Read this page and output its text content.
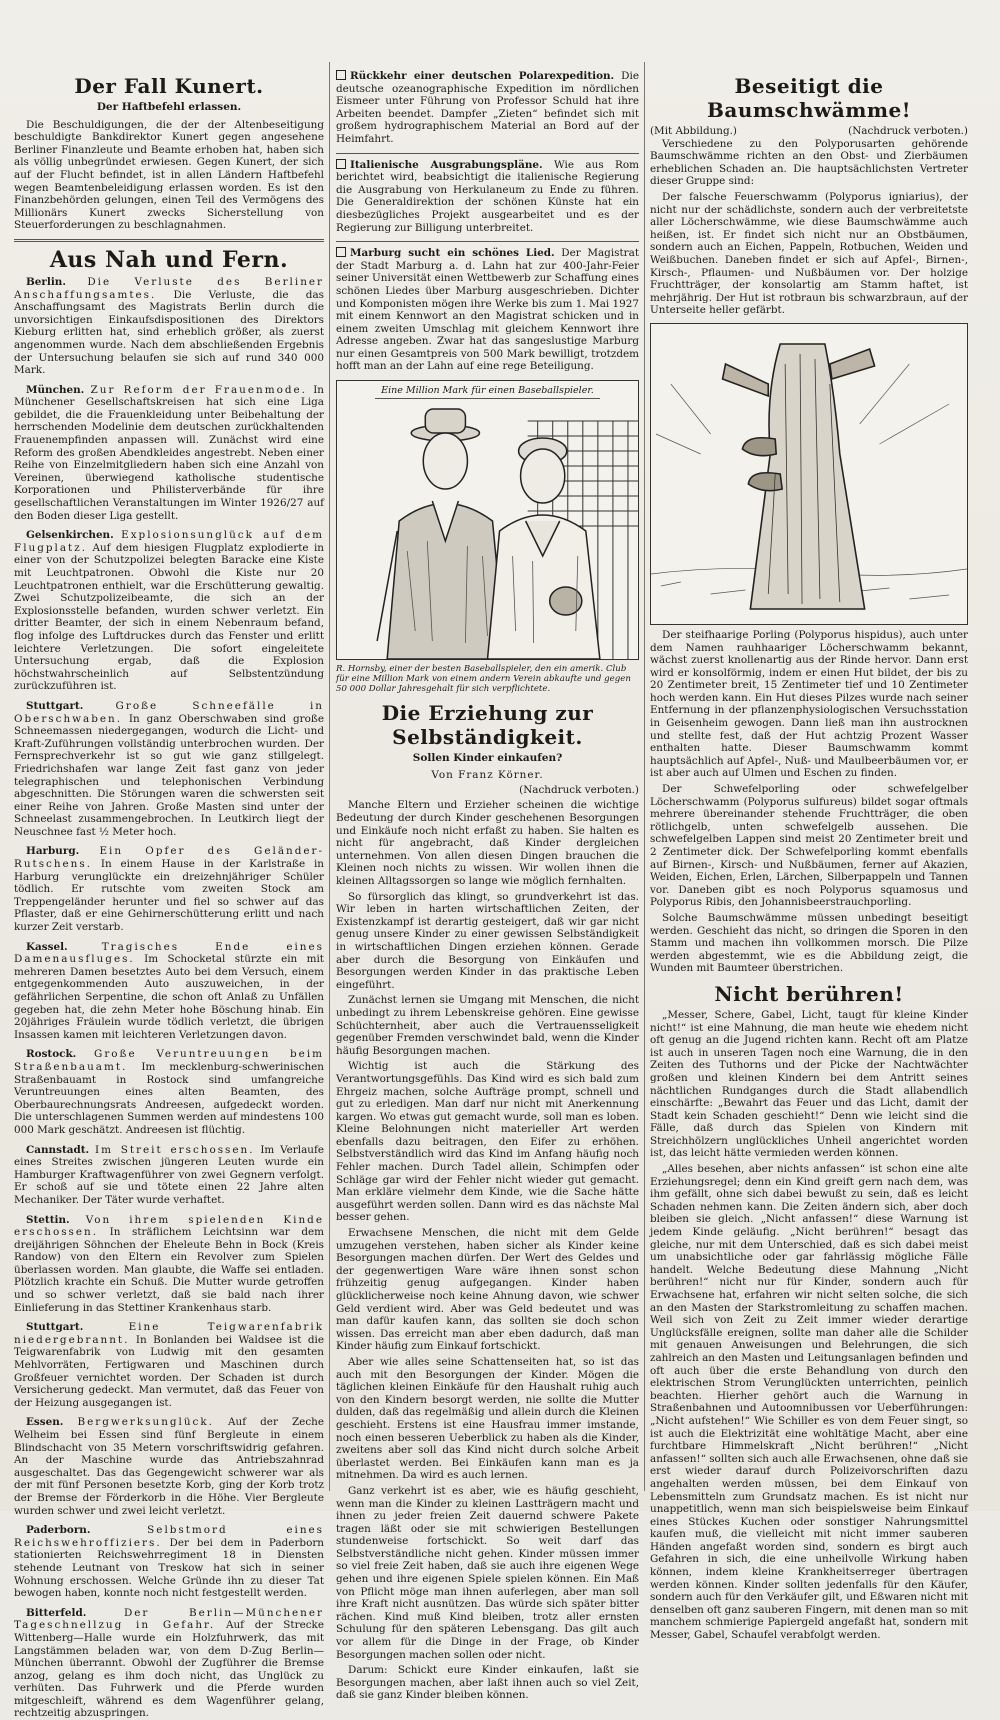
Der Fall Kunert.
Der Haftbefehl erlassen.

Die Beschuldigungen, die der der Altenbeseitigung beschuldigte Bankdirektor Kunert gegen angesehene Berliner Finanzleute und Beamte erhoben hat, haben sich als völlig unbegründet erwiesen. Gegen Kunert, der sich auf der Flucht befindet, ist in allen Ländern Haftbefehl wegen Beamtenbeleidigung erlassen worden. Es ist den Finanzbehörden gelungen, einen Teil des Vermögens des Millionärs Kunert zwecks Sicherstellung von Steuerforderungen zu beschlagnahmen.

Aus Nah und Fern.

Berlin. Die Verluste des Berliner Anschaffungsamtes. Die Verluste, die das Anschaffungsamt des Magistrats Berlin durch die unvorsichtigen Einkaufsdispositionen des Direktors Kieburg erlitten hat, sind erheblich größer, als zuerst angenommen wurde. Nach dem abschließenden Ergebnis der Untersuchung belaufen sie sich auf rund 340 000 Mark.

München. Zur Reform der Frauenmode. In Münchener Gesellschaftskreisen hat sich eine Liga gebildet, die die Frauenkleidung unter Beibehaltung der herrschenden Modelinie dem deutschen zurückhaltenden Frauenempfinden anpassen will. Zunächst wird eine Reform des großen Abendkleides angestrebt. Neben einer Reihe von Einzelmitgliedern haben sich eine Anzahl von Vereinen, überwiegend katholische studentische Korporationen und Philisterverbände für ihre gesellschaftlichen Veranstaltungen im Winter 1926/27 auf den Boden dieser Liga gestellt.

Gelsenkirchen. Explosionsunglück auf dem Flugplatz. Auf dem hiesigen Flugplatz explodierte in einer von der Schutzpolizei belegten Baracke eine Kiste mit Leuchtpatronen. Obwohl die Kiste nur 20 Leuchtpatronen enthielt, war die Erschütterung gewaltig. Zwei Schutzpolizeibeamte, die sich an der Explosionsstelle befanden, wurden schwer verletzt. Ein dritter Beamter, der sich in einem Nebenraum befand, flog infolge des Luftdruckes durch das Fenster und erlitt leichtere Verletzungen. Die sofort eingeleitete Untersuchung ergab, daß die Explosion höchstwahrscheinlich auf Selbstentzündung zurückzuführen ist.

Stuttgart.	Große Schneefälle in Oberschwaben. In ganz Oberschwaben sind große Schneemassen niedergegangen, wodurch die Licht- und Kraft-Zuführungen vollständig unterbrochen wurden. Der Fernsprechverkehr ist so gut wie ganz stillgelegt. Friedrichshafen war lange Zeit fast ganz von jeder telegraphischen und telephonischen Verbindung abgeschnitten. Die Störungen waren die schwersten seit einer Reihe von Jahren. Große Masten sind unter der Schneelast zusammengebrochen. In Leutkirch liegt der Neuschnee fast ½ Meter hoch.

Harburg. Ein Opfer des Geländer-Rutschens. In einem Hause in der Karlstraße in Harburg verunglückte ein dreizehnjähriger Schüler tödlich. Er rutschte vom zweiten Stock am Treppengeländer herunter und fiel so schwer auf das Pflaster, daß er eine Gehirnerschütterung erlitt und nach kurzer Zeit verstarb.

Kassel.	Tragisches Ende eines Damenausfluges. Im Schocketal stürzte ein mit mehreren Damen besetztes Auto bei dem Versuch, einem entgegenkommenden Auto auszuweichen, in der gefährlichen Serpentine, die schon oft Anlaß zu Unfällen gegeben hat, die zehn Meter hohe Böschung hinab. Ein 20jähriges Fräulein wurde tödlich verletzt, die übrigen Insassen kamen mit leichteren Verletzungen davon.

Rostock. Große Veruntreuungen beim Straßenbauamt. Im mecklenburg-schwerinischen Straßenbauamt in Rostock sind umfangreiche Veruntreuungen eines alten Beamten, des Oberbaurechnungsrats Andreesen, aufgedeckt worden. Die unterschlagenen Summen werden auf mindestens 100 000 Mark geschätzt. Andreesen ist flüchtig.

Cannstadt. Im Streit erschossen. Im Verlaufe eines Streites zwischen jüngeren Leuten wurde ein Hamburger Kraftwagenführer von zwei Gegnern verfolgt. Er schoß auf sie und tötete einen 22 Jahre alten Mechaniker. Der Täter wurde verhaftet.

Stettin. Von ihrem spielenden Kinde erschossen. In sträflichem Leichtsinn war dem dreijährigen Söhnchen der Eheleute Behn in Bock (Kreis Randow) von den Eltern ein Revolver zum Spielen überlassen worden. Man glaubte, die Waffe sei entladen. Plötzlich krachte ein Schuß. Die Mutter wurde getroffen und so schwer verletzt, daß sie bald nach ihrer Einlieferung in das Stettiner Krankenhaus starb.

Stuttgart.	Eine Teigwarenfabrik niedergebrannt. In Bonlanden bei Waldsee ist die Teigwarenfabrik von Ludwig mit den gesamten Mehlvorräten, Fertigwaren und Maschinen durch Großfeuer vernichtet worden. Der Schaden ist durch Versicherung gedeckt. Man vermutet, daß das Feuer von der Heizung ausgegangen ist.

Essen. Bergwerksunglück. Auf der Zeche Welheim bei Essen sind fünf Bergleute in einem Blindschacht von 35 Metern vorschriftswidrig gefahren. An der Maschine wurde das Antriebszahnrad ausgeschaltet. Das das Gegengewicht schwerer war als der mit fünf Personen besetzte Korb, ging der Korb trotz der Bremse der Förderkorb in die Höhe. Vier Bergleute wurden schwer und zwei leicht verletzt.

Paderborn.	Selbstmord eines Reichswehroffiziers. Der bei dem in Paderborn stationierten Reichswehrregiment 18 in Diensten stehende Leutnant von Treskow hat sich in seiner Wohnung erschossen. Welche Gründe ihn zu dieser Tat bewogen haben, konnte noch nicht festgestellt werden.

Bitterfeld.	Der Berlin—Münchener Tageschnellzug in Gefahr. Auf der Strecke Wittenberg—Halle wurde ein Holzfuhrwerk, das mit Langstämmen beladen war, von dem D-Zug Berlin—München überrannt. Obwohl der Zugführer die Bremse anzog, gelang es ihm doch nicht, das Unglück zu verhüten. Das Fuhrwerk und die Pferde wurden mitgeschleift, während es dem Wagenführer gelang, rechtzeitig abzuspringen.

Rückkehr einer deutschen Polarexpedition. Die deutsche ozeanographische Expedition im nördlichen Eismeer unter Führung von Professor Schuld hat ihre Arbeiten beendet. Dampfer „Zieten“ befindet sich mit großem hydrographischem Material an Bord auf der Heimfahrt.

Italienische Ausgrabungspläne. Wie aus Rom berichtet wird, beabsichtigt die italienische Regierung die Ausgrabung von Herkulaneum zu Ende zu führen. Die Generaldirektion der schönen Künste hat ein diesbezügliches Projekt ausgearbeitet und es der Regierung zur Billigung unterbreitet.

Marburg sucht ein schönes Lied. Der Magistrat der Stadt Marburg a. d. Lahn hat zur 400-Jahr-Feier seiner Universität einen Wettbewerb zur Schaffung eines schönen Liedes über Marburg ausgeschrieben. Dichter und Komponisten mögen ihre Werke bis zum 1. Mai 1927 mit einem Kennwort an den Magistrat schicken und in einem zweiten Umschlag mit gleichem Kennwort ihre Adresse angeben. Zwar hat das sangeslustige Marburg nur einen Gesamtpreis von 500 Mark bewilligt, trotzdem hofft man an der Lahn auf eine rege Beteiligung.

Eine Million Mark für einen Baseballspieler.
R. Hornsby, einer der besten Baseballspieler, den ein amerik. Club für eine Million Mark von einem andern Verein abkaufte und gegen 50 000 Dollar Jahresgehalt für sich verpflichtete.
Die Erziehung zur Selbständigkeit.
Sollen Kinder einkaufen?
Von Franz Körner.
(Nachdruck verboten.)

Manche Eltern und Erzieher scheinen die wichtige Bedeutung der durch Kinder geschehenen Besorgungen und Einkäufe noch nicht erfaßt zu haben. Sie halten es nicht für angebracht, daß Kinder dergleichen unternehmen. Von allen diesen Dingen brauchen die Kleinen noch nichts zu wissen. Wir wollen ihnen die kleinen Alltagssorgen so lange wie möglich fernhalten.

So fürsorglich das klingt, so grundverkehrt ist das. Wir leben in harten wirtschaftlichen Zeiten, der Existenzkampf ist derartig gesteigert, daß wir gar nicht genug unsere Kinder zu einer gewissen Selbständigkeit in wirtschaftlichen Dingen erziehen können. Gerade aber durch die Besorgung von Einkäufen und Besorgungen werden Kinder in das praktische Leben eingeführt.

Zunächst lernen sie Umgang mit Menschen, die nicht unbedingt zu ihrem Lebenskreise gehören. Eine gewisse Schüchternheit, aber auch die Vertrauensseligkeit gegenüber Fremden verschwindet bald, wenn die Kinder häufig Besorgungen machen.

Wichtig ist auch die Stärkung des Verantwortungsgefühls. Das Kind wird es sich bald zum Ehrgeiz machen, solche Aufträge prompt, schnell und gut zu erledigen. Man darf nur nicht mit Anerkennung kargen. Wo etwas gut gemacht wurde, soll man es loben. Kleine Belohnungen nicht materieller Art werden ebenfalls dazu beitragen, den Eifer zu erhöhen. Selbstverständlich wird das Kind im Anfang häufig noch Fehler machen. Durch Tadel allein, Schimpfen oder Schläge gar wird der Fehler nicht wieder gut gemacht. Man erkläre vielmehr dem Kinde, wie die Sache hätte ausgeführt werden sollen. Dann wird es das nächste Mal besser gehen.

Erwachsene Menschen, die nicht mit dem Gelde umzugehen verstehen, haben sicher als Kinder keine Besorgungen machen dürfen. Der Wert des Geldes und der gegenwertigen Ware wäre ihnen sonst schon frühzeitig genug aufgegangen. Kinder haben glücklicherweise noch keine Ahnung davon, wie schwer Geld verdient wird. Aber was Geld bedeutet und was man dafür kaufen kann, das sollten sie doch schon wissen. Das erreicht man aber eben dadurch, daß man Kinder häufig zum Einkauf fortschickt.

Aber wie alles seine Schattenseiten hat, so ist das auch mit den Besorgungen der Kinder. Mögen die täglichen kleinen Einkäufe für den Haushalt ruhig auch von den Kindern besorgt werden, nie sollte die Mutter dulden, daß das regelmäßig und allein durch die Kleinen geschieht. Erstens ist eine Hausfrau immer imstande, noch einen besseren Ueberblick zu haben als die Kinder, zweitens aber soll das Kind nicht durch solche Arbeit überlastet werden. Bei Einkäufen kann man es ja mitnehmen. Da wird es auch lernen.

Ganz verkehrt ist es aber, wie es häufig geschieht, wenn man die Kinder zu kleinen Lastträgern macht und ihnen zu jeder freien Zeit dauernd schwere Pakete tragen läßt oder sie mit schwierigen Bestellungen stundenweise fortschickt. So weit darf das Selbstverständliche nicht gehen. Kinder müssen immer so viel freie Zeit haben, daß sie auch ihre eigenen Wege gehen und ihre eigenen Spiele spielen können. Ein Maß von Pflicht möge man ihnen auferlegen, aber man soll ihre Kraft nicht ausnützen. Das würde sich später bitter rächen. Kind muß Kind bleiben, trotz aller ernsten Schulung für den späteren Lebensgang. Das gilt auch vor allem für die Dinge in der Frage, ob Kinder Besorgungen machen sollen oder nicht.

Darum: Schickt eure Kinder einkaufen, laßt sie Besorgungen machen, aber laßt ihnen auch so viel Zeit, daß sie ganz Kinder bleiben können.

Beseitigt die Baumschwämme!
(Mit Abbildung.)	(Nachdruck verboten.)

Verschiedene zu den Polyporusarten gehörende Baumschwämme richten an den Obst- und Zierbäumen erheblichen Schaden an. Die hauptsächlichsten Vertreter dieser Gruppe sind:

Der falsche Feuerschwamm (Polyporus igniarius), der nicht nur der schädlichste, sondern auch der verbreitetste aller Löcherschwämme, wie diese Baumschwämme auch heißen, ist. Er findet sich nicht nur an Obstbäumen, sondern auch an Eichen, Pappeln, Rotbuchen, Weiden und Weißbuchen. Daneben findet er sich auf Apfel-, Birnen-, Kirsch-, Pflaumen- und Nußbäumen vor. Der holzige Fruchtträger, der konsolartig am Stamm haftet, ist mehrjährig. Der Hut ist rotbraun bis schwarzbraun, auf der Unterseite heller gefärbt.

Der steifhaarige Porling (Polyporus hispidus), auch unter dem Namen rauhhaariger Löcherschwamm bekannt, wächst zuerst knollenartig aus der Rinde hervor. Dann erst wird er konsolförmig, indem er einen Hut bildet, der bis zu 20 Zentimeter breit, 15 Zentimeter tief und 10 Zentimeter hoch werden kann. Ein Hut dieses Pilzes wurde nach seiner Entfernung in der pflanzenphysiologischen Versuchsstation in Geisenheim gewogen. Dann ließ man ihn austrocknen und stellte fest, daß der Hut achtzig Prozent Wasser enthalten hatte. Dieser Baumschwamm kommt hauptsächlich auf Apfel-, Nuß- und Maulbeerbäumen vor, er ist aber auch auf Ulmen und Eschen zu finden.

Der Schwefelporling oder schwefelgelber Löcherschwamm (Polyporus sulfureus) bildet sogar oftmals mehrere übereinander stehende Fruchtträger, die oben rötlichgelb, unten schwefelgelb aussehen. Die schwefelgelben Lappen sind meist 20 Zentimeter breit und 2 Zentimeter dick. Der Schwefelporling kommt ebenfalls auf Birnen-, Kirsch- und Nußbäumen, ferner auf Akazien, Weiden, Eichen, Erlen, Lärchen, Silberpappeln und Tannen vor. Daneben gibt es noch Polyporus squamosus und Polyporus Ribis, den Johannisbeerstrauchporling.

Solche Baumschwämme müssen unbedingt beseitigt werden. Geschieht das nicht, so dringen die Sporen in den Stamm und machen ihn vollkommen morsch. Die Pilze werden abgestemmt, wie es die Abbildung zeigt, die Wunden mit Baumteer überstrichen.

Nicht berühren!

„Messer, Schere, Gabel, Licht, taugt für kleine Kinder nicht!“ ist eine Mahnung, die man heute wie ehedem nicht oft genug an die Jugend richten kann. Recht oft am Platze ist auch in unseren Tagen noch eine Warnung, die in den Zeiten des Tuthorns und der Picke der Nachtwächter großen und kleinen Kindern bei dem Antritt seines nächtlichen Rundganges durch die Stadt allabendlich einschärfte: „Bewahrt das Feuer und das Licht, damit der Stadt kein Schaden geschieht!“ Denn wie leicht sind die Fälle, daß durch das Spielen von Kindern mit Streichhölzern unglückliches Unheil angerichtet worden ist, das leicht hätte vermieden werden können.

„Alles besehen, aber nichts anfassen“ ist schon eine alte Erziehungsregel; denn ein Kind greift gern nach dem, was ihm gefällt, ohne sich dabei bewußt zu sein, daß es leicht Schaden nehmen kann. Die Zeiten ändern sich, aber doch bleiben sie gleich. „Nicht anfassen!“ diese Warnung ist jedem Kinde geläufig. „Nicht berühren!“ besagt das gleiche, nur mit dem Unterschied, daß es sich dabei meist um unabsichtliche oder gar fahrlässig mögliche Fälle handelt. Welche Bedeutung diese Mahnung „Nicht berühren!“ nicht nur für Kinder, sondern auch für Erwachsene hat, erfahren wir nicht selten solche, die sich an den Masten der Starkstromleitung zu schaffen machen. Weil sich von Zeit zu Zeit immer wieder derartige Unglücksfälle ereignen, sollte man daher alle die Schilder mit genauen Anweisungen und Belehrungen, die sich zahlreich an den Masten und Leitungsanlagen befinden und oft auch über die erste Behandlung von durch den elektrischen Strom Verunglückten unterrichten, peinlich beachten. Hierher gehört auch die Warnung in Straßenbahnen und Autoomnibussen vor Ueberführungen: „Nicht aufstehen!“ Wie Schiller es von dem Feuer singt, so ist auch die Elektrizität eine wohltätige Macht, aber eine furchtbare Himmelskraft „Nicht berühren!“ „Nicht anfassen!“ sollten sich auch alle Erwachsenen, ohne daß sie erst wieder darauf durch Polizeivorschriften dazu angehalten werden müssen, bei dem Einkauf von Lebensmitteln zum Grundsatz machen. Es ist nicht nur unappetitlich, wenn man sich beispielsweise beim Einkauf eines Stückes Kuchen oder sonstiger Nahrungsmittel kaufen muß, die vielleicht mit nicht immer sauberen Händen angefaßt worden sind, sondern es birgt auch Gefahren in sich, die eine unheilvolle Wirkung haben können, indem kleine Krankheitserreger übertragen werden können. Kinder sollten jedenfalls für den Käufer, sondern auch für den Verkäufer gilt, und Eßwaren nicht mit denselben oft ganz sauberen Fingern, mit denen man so mit manchem schmierige Papiergeld angefaßt hat, sondern mit Messer, Gabel, Schaufel verabfolgt werden.
